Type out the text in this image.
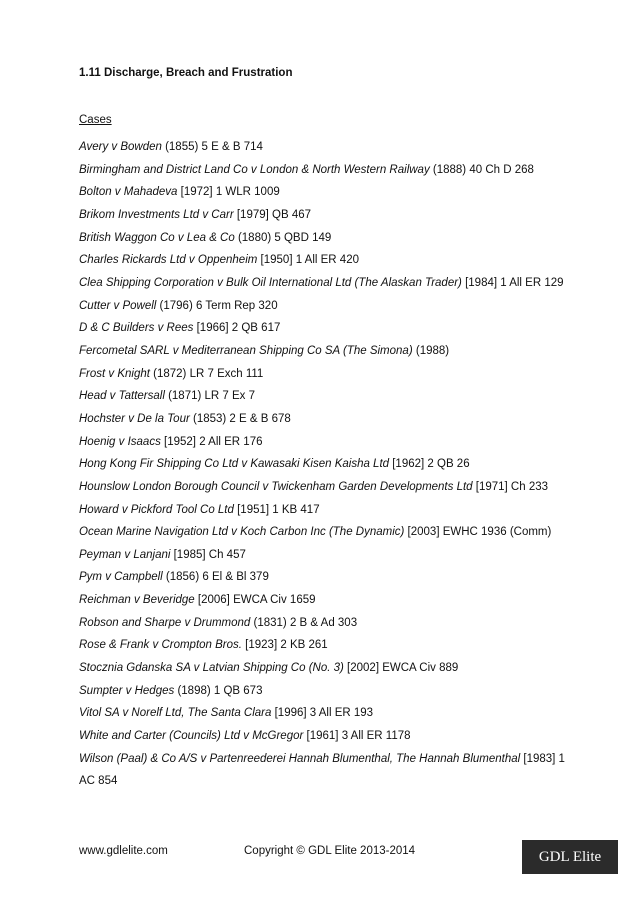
1.11 Discharge, Breach and Frustration
Cases
Avery v Bowden (1855) 5 E & B 714
Birmingham and District Land Co v London & North Western Railway (1888) 40 Ch D 268
Bolton v Mahadeva [1972] 1 WLR 1009
Brikom Investments Ltd v Carr [1979] QB 467
British Waggon Co v Lea & Co (1880) 5 QBD 149
Charles Rickards Ltd v Oppenheim [1950] 1 All ER 420
Clea Shipping Corporation v Bulk Oil International Ltd (The Alaskan Trader) [1984] 1 All ER 129
Cutter v Powell (1796) 6 Term Rep 320
D & C Builders v Rees [1966] 2 QB 617
Fercometal SARL v Mediterranean Shipping Co SA (The Simona) (1988)
Frost v Knight (1872) LR 7 Exch 111
Head v Tattersall (1871) LR 7 Ex 7
Hochster v De la Tour (1853) 2 E & B 678
Hoenig v Isaacs [1952] 2 All ER 176
Hong Kong Fir Shipping Co Ltd v Kawasaki Kisen Kaisha Ltd [1962] 2 QB 26
Hounslow London Borough Council v Twickenham Garden Developments Ltd [1971] Ch 233
Howard v Pickford Tool Co Ltd [1951] 1 KB 417
Ocean Marine Navigation Ltd v Koch Carbon Inc (The Dynamic) [2003] EWHC 1936 (Comm)
Peyman v Lanjani [1985] Ch 457
Pym v Campbell (1856) 6 El & Bl 379
Reichman v Beveridge [2006] EWCA Civ 1659
Robson and Sharpe v Drummond (1831) 2 B & Ad 303
Rose & Frank v Crompton Bros. [1923] 2 KB 261
Stocznia Gdanska SA v Latvian Shipping Co (No. 3) [2002] EWCA Civ 889
Sumpter v Hedges (1898) 1 QB 673
Vitol SA v Norelf Ltd, The Santa Clara [1996] 3 All ER 193
White and Carter (Councils) Ltd v McGregor [1961] 3 All ER 1178
Wilson (Paal) & Co A/S v Partenreederei Hannah Blumenthal, The Hannah Blumenthal [1983] 1 AC 854
www.gdlelite.com	Copyright © GDL Elite 2013-2014	GDL Elite
